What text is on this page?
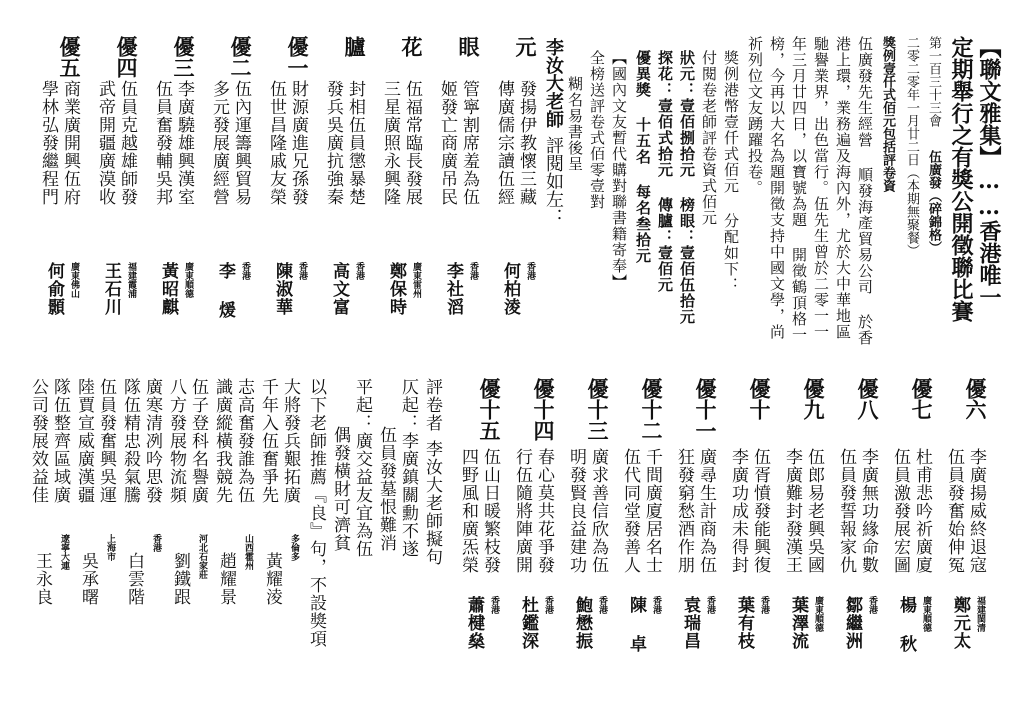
【聯文雅集】……香港唯一
定期舉行之有獎公開徵聯比賽
第一百三十三會 伍廣發（碎錦格）
二零二零年一月廿二日（本期無聚餐）
獎例壹仟式佰元包括評卷資
伍廣發先生經營 順發海產貿易公司 於香
港上環，業務遍及海內外，尤於大中華地區
馳譽業界，出色當行。伍先生曾於二零一一
年三月廿四日，以寶號為題 開徵鶴頂格一
榜，今再以大名為題開徵支持中國文學，尚
祈列位文友踴躍投卷。
獎例港幣壹仟式佰元 分配如下：
付閱卷老師評卷資式佰元
狀元：壹佰捌拾元 榜眼：壹佰伍拾元
探花：壹佰式拾元 傳臚：壹佰元
優異獎 十五名 每名叁拾元
【國內文友暫代購對聯書籍寄奉】
全榜送評卷式佰零壹對
糊名易書後呈
李汝大老師評閱如左：
元
發揚伊教懷三藏
傳廣儒宗讀伍經
香港
何柏淩
眼
管寧割席羞為伍
姬發亡商廣吊民
香港
李社滔
花
伍福常臨長發展
三星廣照永興隆
廣東雷州
鄭保時
臚
封相伍員懲暴楚
發兵吳廣抗強秦
香港
高文富
優一
財源廣進兄孫發
伍世昌隆戚友榮
香港
陳淑華
優二
伍內運籌興貿易
多元發展廣經營
香港
李 煖
優三
李廣驍雄興漢室
伍員奮發輔吳邦
廣東順德
黃昭麒
優四
伍員克越雄師發
武帝開疆廣漠收
福建霞浦
王石川
優五
商業廣開興伍府
學林弘發繼程門
廣東佛山
何俞顥
優六
李廣揚威終退寇
伍員發奮始伸冤
福建閩清
鄭元太
優七
杜甫悲吟祈廣廈
伍員激發展宏圖
廣東順德
楊 秋
優八
李廣無功緣命數
伍員發誓報家仇
香港
鄒繼洲
優九
伍郎易老興吳國
李廣難封發漢王
廣東順德
葉澤流
優十
伍胥憤發能興復
李廣功成未得封
香港
葉有枝
優十一
廣尋生計商為伍
狂發窮愁酒作朋
香港
袁瑞昌
優十二
千間廣廈居名士
伍代同堂發善人
香港
陳 卓
優十三
廣求善信欣為伍
明發賢良益建功
香港
鮑懋振
優十四
春心莫共花爭發
行伍隨將陣廣開
香港
杜鑑深
優十五
伍山日暖繁枝發
四野風和廣炁榮
香港
蕭楗燊
評卷者李汝大老師擬句
仄起：李廣鎮關勳不遂
伍員發墓恨難消
平起：廣交益友宜為伍
偶發橫財可濟貧
以下老師推薦『良』句，不設獎項
大將發兵艱拓廣
千年入伍奮爭先
多倫多
黃耀淩
志高奮發誰為伍
識廣縱橫我競先
山西霍州
趙耀景
伍子登科名譽廣
八方發展物流頻
河北石家莊
劉鐵跟
廣寒清冽吟思發
隊伍精忠殺氣騰
香港
白雲階
伍員發奮興吳運
陸賈宣威廣漢疆
上海市
吳承曙
隊伍整齊區域廣
公司發展效益佳
遼寧大連
王永良
